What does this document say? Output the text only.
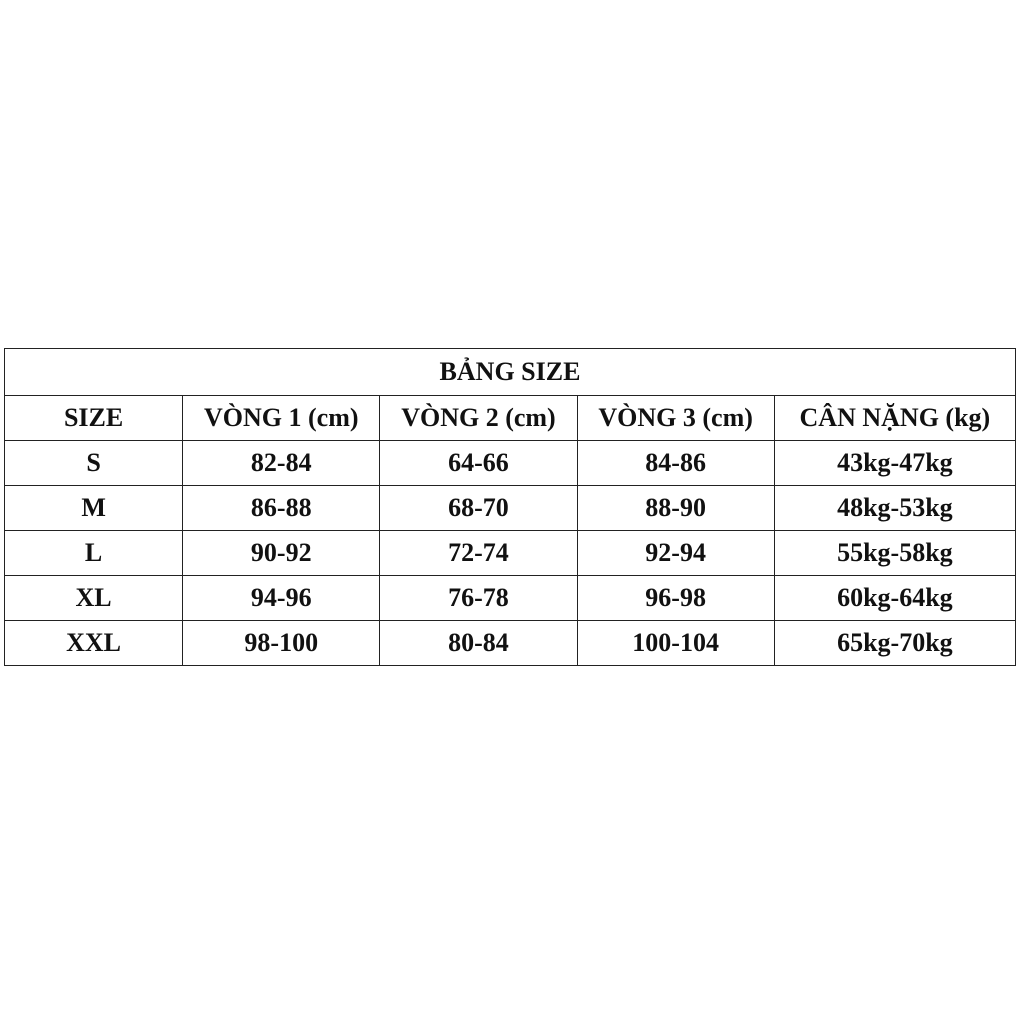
BẢNG SIZE				
SIZE	VÒNG 1 (cm)	VÒNG 2 (cm)	VÒNG 3 (cm)	CÂN NẶNG (kg)
S	82-84	64-66	84-86	43kg-47kg
M	86-88	68-70	88-90	48kg-53kg
L	90-92	72-74	92-94	55kg-58kg
XL	94-96	76-78	96-98	60kg-64kg
XXL	98-100	80-84	100-104	65kg-70kg
